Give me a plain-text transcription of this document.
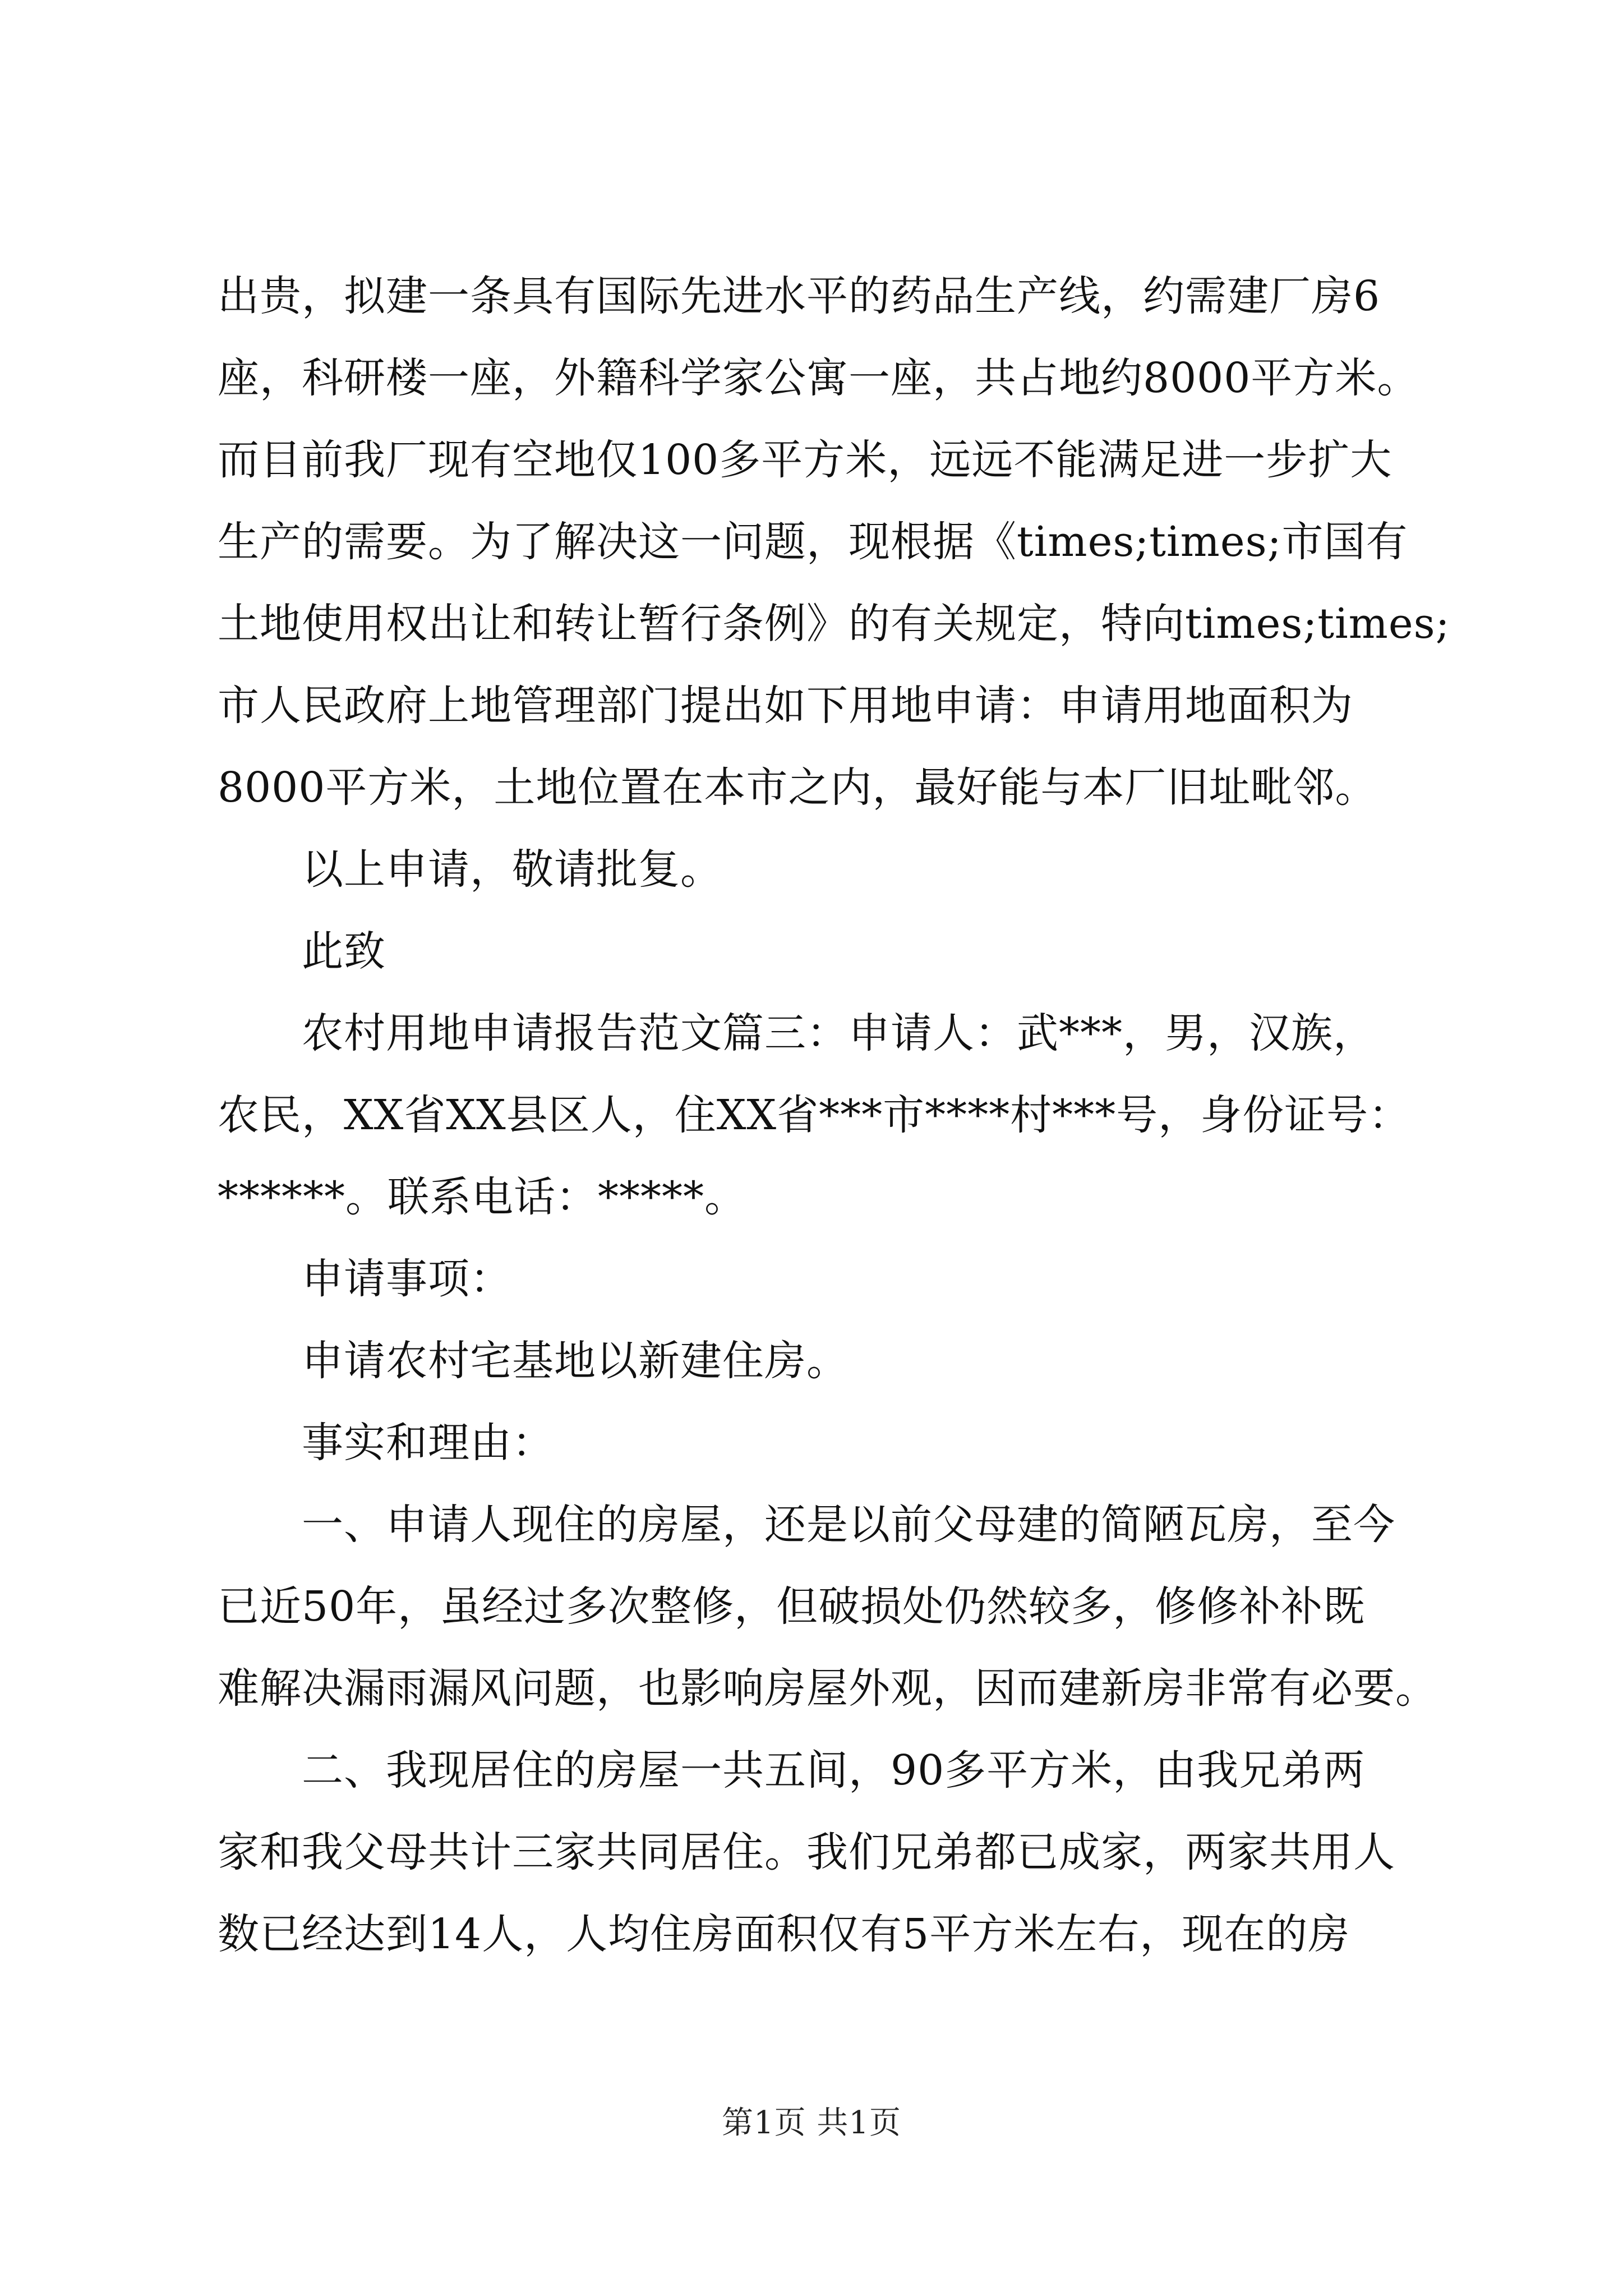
出贵，拟建一条具有国际先进水平的药品生产线，约需建厂房6
座，科研楼一座，外籍科学家公寓一座，共占地约8000平方米。
而目前我厂现有空地仅100多平方米，远远不能满足进一步扩大
生产的需要。为了解决这一问题，现根据《times;times;市国有
土地使用权出让和转让暂行条例》的有关规定，特向times;times;
市人民政府上地管理部门提出如下用地申请：申请用地面积为
8000平方米，土地位置在本市之内，最好能与本厂旧址毗邻。
以上申请，敬请批复。
此致
农村用地申请报告范文篇三：申请人：武***，男，汉族，
农民，XX省XX县区人，住XX省***市****村***号，身份证号：
******。联系电话：*****。
申请事项：
申请农村宅基地以新建住房。
事实和理由：
一、申请人现住的房屋，还是以前父母建的简陋瓦房，至今
已近50年，虽经过多次整修，但破损处仍然较多，修修补补既
难解决漏雨漏风问题，也影响房屋外观，因而建新房非常有必要。
二、我现居住的房屋一共五间，90多平方米，由我兄弟两
家和我父母共计三家共同居住。我们兄弟都已成家，两家共用人
数已经达到14人，人均住房面积仅有5平方米左右，现在的房
第1页 共1页
